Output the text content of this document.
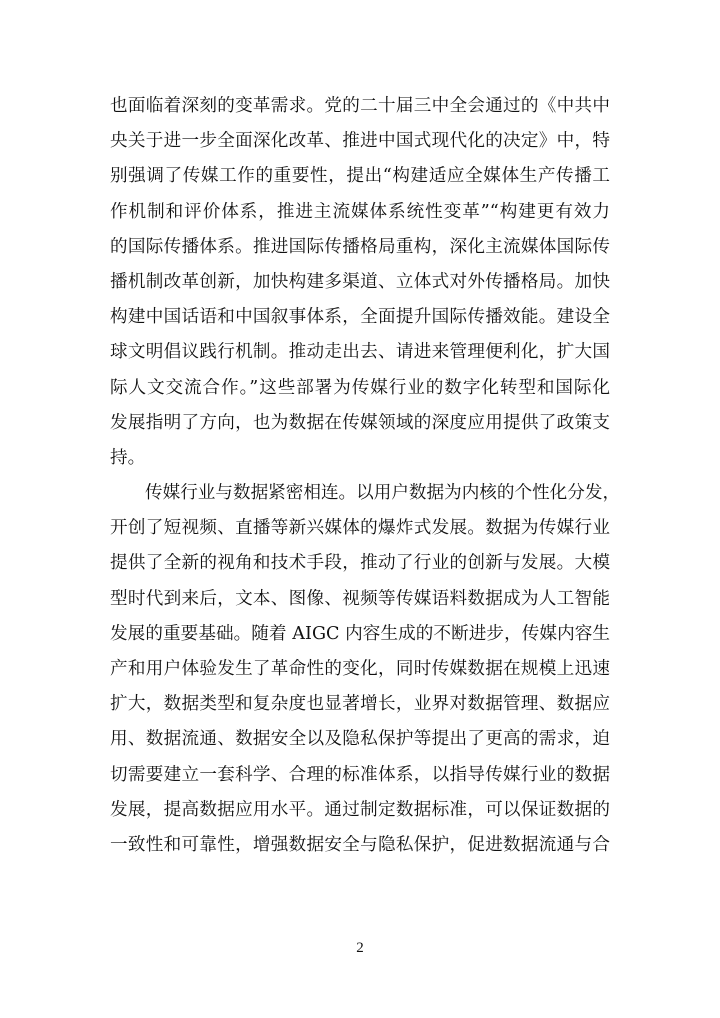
也面临着深刻的变革需求。党的二十届三中全会通过的《中共中
央关于进一步全面深化改革、推进中国式现代化的决定》中，特
别强调了传媒工作的重要性，提出“构建适应全媒体生产传播工
作机制和评价体系，推进主流媒体系统性变革”“构建更有效力
的国际传播体系。推进国际传播格局重构，深化主流媒体国际传
播机制改革创新，加快构建多渠道、立体式对外传播格局。加快
构建中国话语和中国叙事体系，全面提升国际传播效能。建设全
球文明倡议践行机制。推动走出去、请进来管理便利化，扩大国
际人文交流合作。”这些部署为传媒行业的数字化转型和国际化
发展指明了方向，也为数据在传媒领域的深度应用提供了政策支
持。
传媒行业与数据紧密相连。以用户数据为内核的个性化分发，
开创了短视频、直播等新兴媒体的爆炸式发展。数据为传媒行业
提供了全新的视角和技术手段，推动了行业的创新与发展。大模
型时代到来后，文本、图像、视频等传媒语料数据成为人工智能
发展的重要基础。随着 AIGC 内容生成的不断进步，传媒内容生
产和用户体验发生了革命性的变化，同时传媒数据在规模上迅速
扩大，数据类型和复杂度也显著增长，业界对数据管理、数据应
用、数据流通、数据安全以及隐私保护等提出了更高的需求，迫
切需要建立一套科学、合理的标准体系，以指导传媒行业的数据
发展，提高数据应用水平。通过制定数据标准，可以保证数据的
一致性和可靠性，增强数据安全与隐私保护，促进数据流通与合
2
